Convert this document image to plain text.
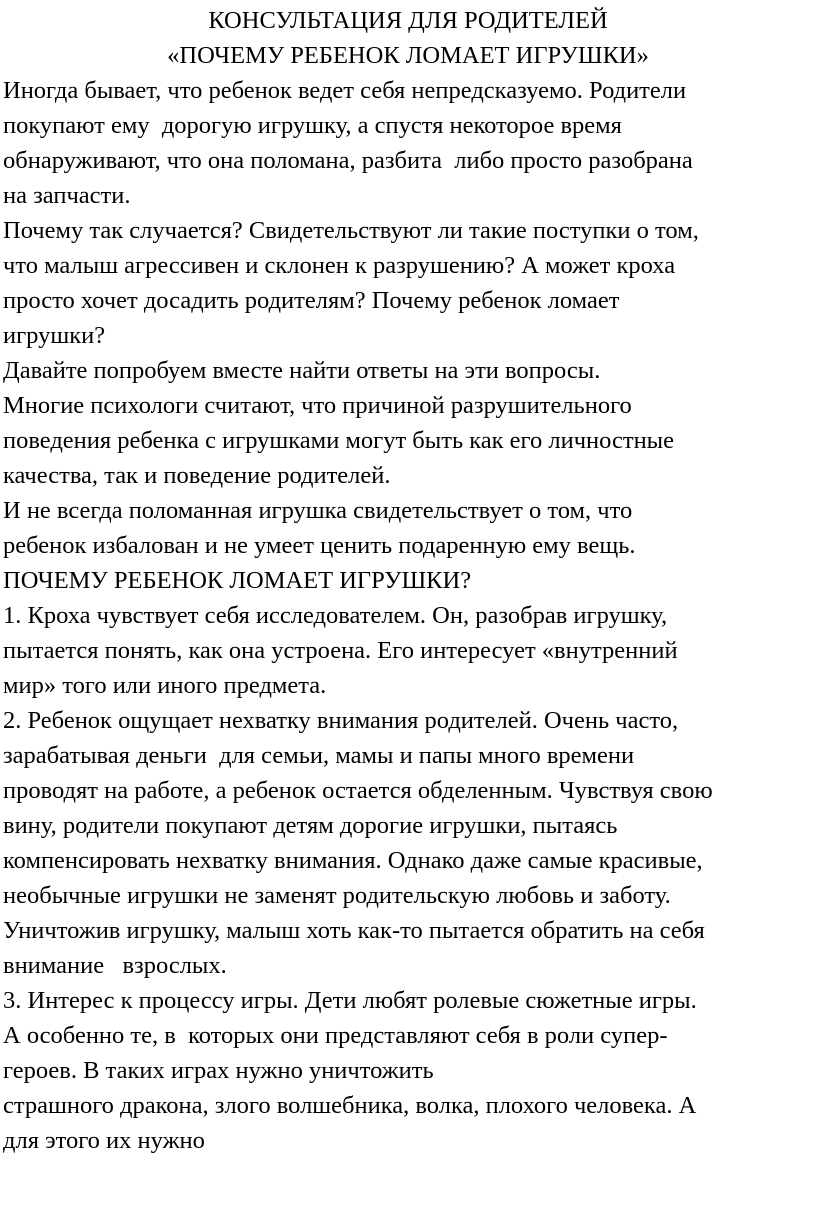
КОНСУЛЬТАЦИЯ ДЛЯ РОДИТЕЛЕЙ
«ПОЧЕМУ РЕБЕНОК ЛОМАЕТ ИГРУШКИ»
Иногда бывает, что ребенок ведет себя непредсказуемо. Родители
покупают ему  дорогую игрушку, а спустя некоторое время
обнаруживают, что она поломана, разбита  либо просто разобрана
на запчасти.
Почему так случается? Свидетельствуют ли такие поступки о том,
что малыш агрессивен и склонен к разрушению? А может кроха
просто хочет досадить родителям? Почему ребенок ломает
игрушки?
Давайте попробуем вместе найти ответы на эти вопросы.
Многие психологи считают, что причиной разрушительного
поведения ребенка с игрушками могут быть как его личностные
качества, так и поведение родителей.
И не всегда поломанная игрушка свидетельствует о том, что
ребенок избалован и не умеет ценить подаренную ему вещь.
ПОЧЕМУ РЕБЕНОК ЛОМАЕТ ИГРУШКИ?
1. Кроха чувствует себя исследователем. Он, разобрав игрушку,
пытается понять, как она устроена. Его интересует «внутренний
мир» того или иного предмета.
2. Ребенок ощущает нехватку внимания родителей. Очень часто,
зарабатывая деньги  для семьи, мамы и папы много времени
проводят на работе, а ребенок остается обделенным. Чувствуя свою
вину, родители покупают детям дорогие игрушки, пытаясь
компенсировать нехватку внимания. Однако даже самые красивые,
необычные игрушки не заменят родительскую любовь и заботу.
Уничтожив игрушку, малыш хоть как-то пытается обратить на себя
внимание   взрослых.
3. Интерес к процессу игры. Дети любят ролевые сюжетные игры.
А особенно те, в  которых они представляют себя в роли супер-
героев. В таких играх нужно уничтожить
страшного дракона, злого волшебника, волка, плохого человека. А
для этого их нужно
